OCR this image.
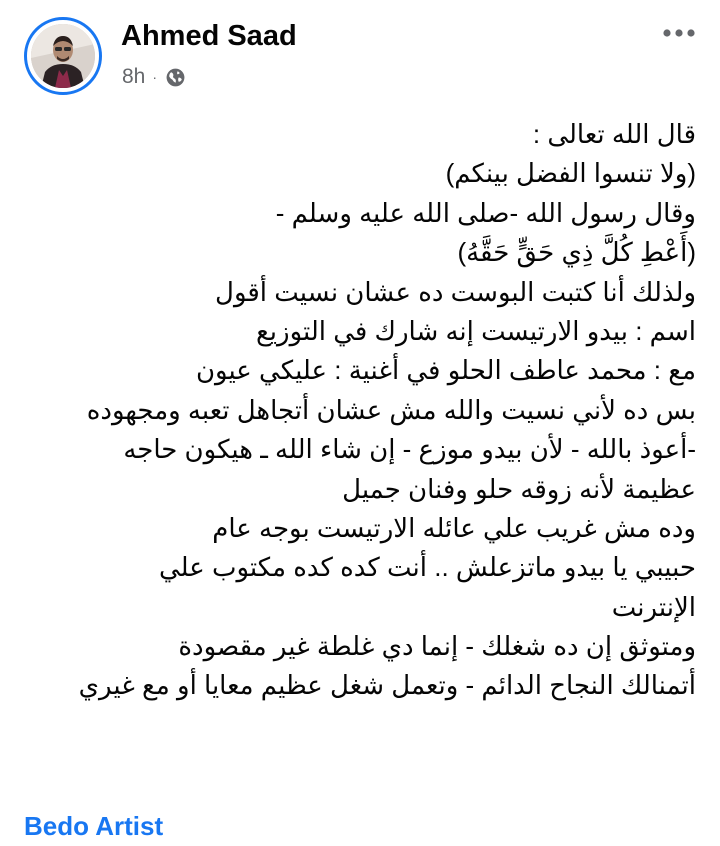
Ahmed Saad
8h ·
قال الله تعالى :
(ولا تنسوا الفضل بينكم)
وقال رسول الله -صلى الله عليه وسلم -
(أَعْطِ كُلَّ ذِي حَقٍّ حَقَّهُ)
ولذلك أنا كتبت البوست ده عشان نسيت أقول
اسم : بيدو الارتيست إنه شارك في التوزيع
مع : محمد عاطف الحلو في أغنية : عليكي عيون
بس ده لأني نسيت والله مش عشان أتجاهل تعبه ومجهوده
-أعوذ بالله - لأن بيدو موزع - إن شاء الله ـ هيكون حاجه
عظيمة لأنه زوقه حلو وفنان جميل
وده مش غريب علي عائله الارتيست بوجه عام
حبيبي يا بيدو ماتزعلش .. أنت كده كده مكتوب علي
الإنترنت
ومتوثق إن ده شغلك - إنما دي غلطة غير مقصودة
أتمنالك النجاح الدائم - وتعمل شغل عظيم معايا أو مع غيري
Bedo Artist
